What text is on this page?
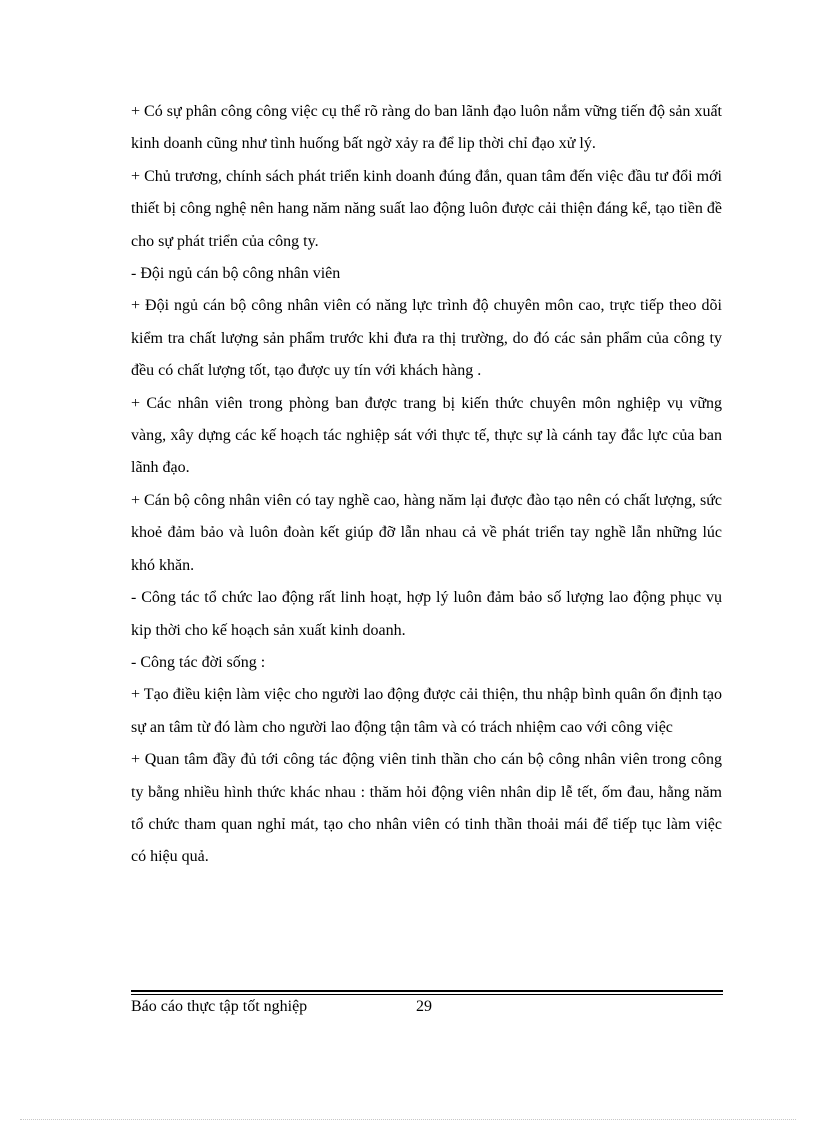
+ Có sự phân công công việc cụ thể rõ ràng do ban lãnh đạo luôn nắm vững tiến độ sản xuất kinh doanh cũng như tình huống bất ngờ xảy ra để lip thời chỉ đạo xử lý.

+ Chủ trương, chính sách phát triển kinh doanh đúng đắn, quan tâm đến việc đầu tư đổi mới thiết bị công nghệ nên hang năm năng suất lao động luôn được cải thiện đáng kể, tạo tiền đề cho sự phát triển của công ty.

- Đội ngủ cán bộ công nhân viên

+ Đội ngủ cán bộ công nhân viên có năng lực trình độ chuyên môn cao, trực tiếp theo dõi kiểm tra chất lượng sản phẩm trước khi đưa ra thị trường, do đó các sản phẩm của công ty đều có chất lượng tốt, tạo được uy tín với khách hàng .

+ Các nhân viên trong phòng ban được trang bị kiến thức chuyên môn nghiệp vụ vững vàng, xây dựng các kế hoạch tác nghiệp sát với thực tế, thực sự là cánh tay đắc lực của ban lãnh đạo.

+ Cán bộ công nhân viên có tay nghề cao, hàng năm lại được đào tạo nên có chất lượng, sức khoẻ đảm bảo và luôn đoàn kết giúp đỡ lẫn nhau cả về phát triển tay nghề lẫn những lúc khó khăn.

- Công tác tổ chức lao động rất linh hoạt, hợp lý luôn đảm bảo số lượng lao động phục vụ kip thời cho kế hoạch sản xuất kinh doanh.

- Công tác đời sống :

+ Tạo điều kiện làm việc cho người lao động được cải thiện, thu nhập bình quân ổn định tạo sự an tâm từ đó làm cho người lao động tận tâm và có trách nhiệm cao với công việc

+ Quan tâm đầy đủ tới công tác động viên tinh thần cho cán bộ công nhân viên trong công ty bằng nhiều hình thức khác nhau : thăm hỏi động viên nhân dip lễ tết, ốm đau, hằng năm tổ chức tham quan nghỉ mát, tạo cho nhân viên có tinh thần thoải mái để tiếp tục làm việc có hiệu quả.

Báo cáo thực tập tốt nghiệp	29
